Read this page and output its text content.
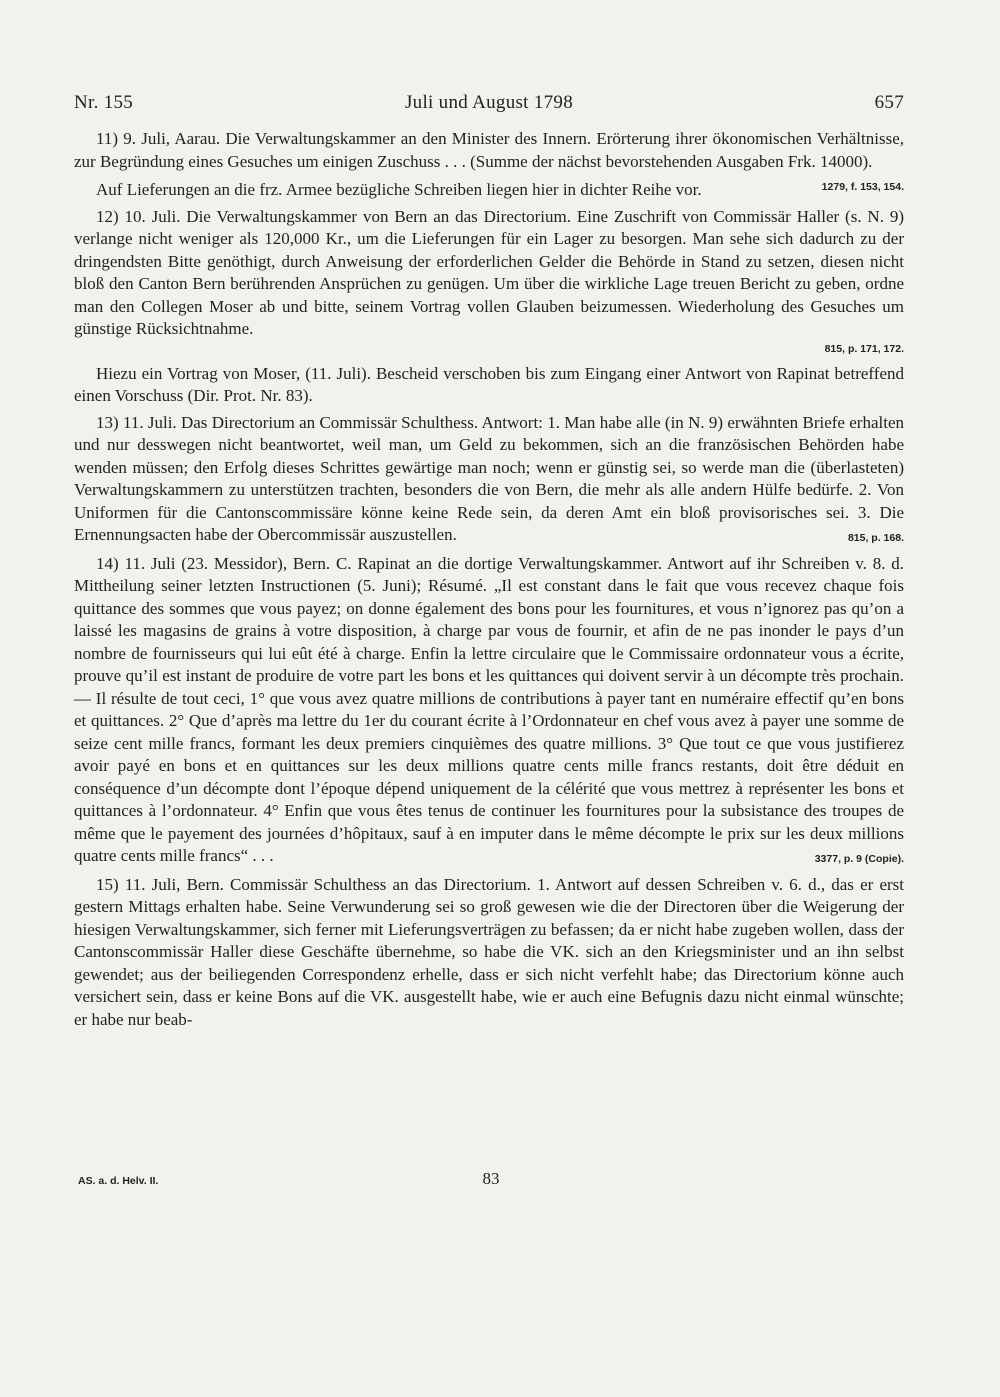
Nr. 155	Juli und August 1798	657

11) 9. Juli, Aarau. Die Verwaltungskammer an den Minister des Innern. Erörterung ihrer ökonomischen Verhältnisse, zur Begründung eines Gesuches um einigen Zuschuss . . . (Summe der nächst bevorstehenden Ausgaben Frk. 14000).
1279, f. 153, 154.

Auf Lieferungen an die frz. Armee bezügliche Schreiben liegen hier in dichter Reihe vor.

12) 10. Juli. Die Verwaltungskammer von Bern an das Directorium. Eine Zuschrift von Commissär Haller (s. N. 9) verlange nicht weniger als 120,000 Kr., um die Lieferungen für ein Lager zu besorgen. Man sehe sich dadurch zu der dringendsten Bitte genöthigt, durch Anweisung der erforderlichen Gelder die Behörde in Stand zu setzen, diesen nicht bloß den Canton Bern berührenden Ansprüchen zu genügen. Um über die wirkliche Lage treuen Bericht zu geben, ordne man den Collegen Moser ab und bitte, seinem Vortrag vollen Glauben beizumessen. Wiederholung des Gesuches um günstige Rücksichtnahme.
815, p. 171, 172.

Hiezu ein Vortrag von Moser, (11. Juli). Bescheid verschoben bis zum Eingang einer Antwort von Rapinat betreffend einen Vorschuss (Dir. Prot. Nr. 83).

13) 11. Juli. Das Directorium an Commissär Schulthess. Antwort: 1. Man habe alle (in N. 9) erwähnten Briefe erhalten und nur desswegen nicht beantwortet, weil man, um Geld zu bekommen, sich an die französischen Behörden habe wenden müssen; den Erfolg dieses Schrittes gewärtige man noch; wenn er günstig sei, so werde man die (überlasteten) Verwaltungskammern zu unterstützen trachten, besonders die von Bern, die mehr als alle andern Hülfe bedürfe. 2. Von Uniformen für die Cantonscommissäre könne keine Rede sein, da deren Amt ein bloß provisorisches sei. 3. Die Ernennungsacten habe der Obercommissär auszustellen.	815, p. 168.

14) 11. Juli (23. Messidor), Bern. C. Rapinat an die dortige Verwaltungskammer. Antwort auf ihr Schreiben v. 8. d. Mittheilung seiner letzten Instructionen (5. Juni); Résumé. „Il est constant dans le fait que vous recevez chaque fois quittance des sommes que vous payez; on donne également des bons pour les fournitures, et vous n’ignorez pas qu’on a laissé les magasins de grains à votre disposition, à charge par vous de fournir, et afin de ne pas inonder le pays d’un nombre de fournisseurs qui lui eût été à charge. Enfin la lettre circulaire que le Commissaire ordonnateur vous a écrite, prouve qu’il est instant de produire de votre part les bons et les quittances qui doivent servir à un décompte très prochain. — Il résulte de tout ceci, 1° que vous avez quatre millions de contributions à payer tant en numéraire effectif qu’en bons et quittances. 2° Que d’après ma lettre du 1er du courant écrite à l’Ordonnateur en chef vous avez à payer une somme de seize cent mille francs, formant les deux premiers cinquièmes des quatre millions. 3° Que tout ce que vous justifierez avoir payé en bons et en quittances sur les deux millions quatre cents mille francs restants, doit être déduit en conséquence d’un décompte dont l’époque dépend uniquement de la célérité que vous mettrez à représenter les bons et quittances à l’ordonnateur. 4° Enfin que vous êtes tenus de continuer les fournitures pour la subsistance des troupes de même que le payement des journées d’hôpitaux, sauf à en imputer dans le même décompte le prix sur les deux millions quatre cents mille francs“ . . .	3377, p. 9 (Copie).

15) 11. Juli, Bern. Commissär Schulthess an das Directorium. 1. Antwort auf dessen Schreiben v. 6. d., das er erst gestern Mittags erhalten habe. Seine Verwunderung sei so groß gewesen wie die der Directoren über die Weigerung der hiesigen Verwaltungskammer, sich ferner mit Lieferungsverträgen zu befassen; da er nicht habe zugeben wollen, dass der Cantonscommissär Haller diese Geschäfte übernehme, so habe die VK. sich an den Kriegsminister und an ihn selbst gewendet; aus der beiliegenden Correspondenz erhelle, dass er sich nicht verfehlt habe; das Directorium könne auch versichert sein, dass er keine Bons auf die VK. ausgestellt habe, wie er auch eine Befugnis dazu nicht einmal wünschte; er habe nur beab-

AS. a. d. Helv. II.	83
